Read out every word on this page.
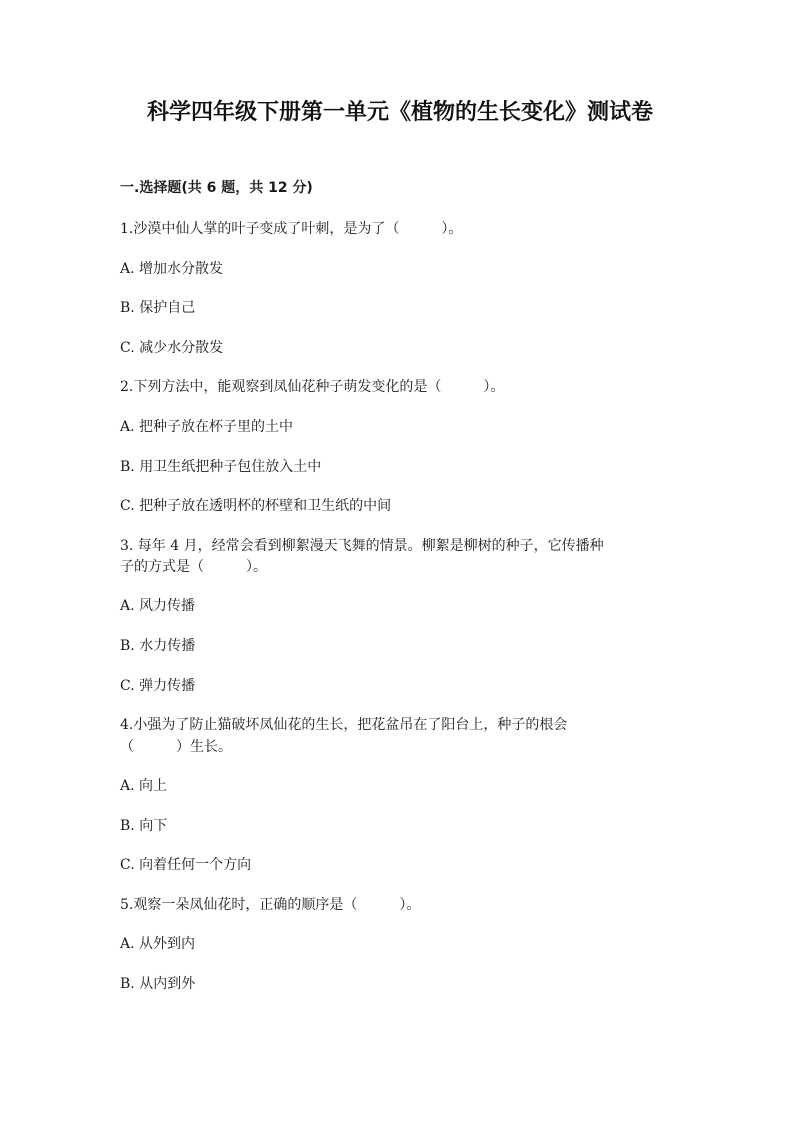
科学四年级下册第一单元《植物的生长变化》测试卷
一.选择题(共 6 题，共 12 分)
1.沙漠中仙人掌的叶子变成了叶刺，是为了（　　　）。
A. 增加水分散发
B. 保护自己
C. 减少水分散发
2.下列方法中，能观察到凤仙花种子萌发变化的是（　　　）。
A. 把种子放在杯子里的土中
B. 用卫生纸把种子包住放入土中
C. 把种子放在透明杯的杯壁和卫生纸的中间
3. 每年 4 月，经常会看到柳絮漫天飞舞的情景。柳絮是柳树的种子，它传播种
子的方式是（　　　）。
A. 风力传播
B. 水力传播
C. 弹力传播
4.小强为了防止猫破坏凤仙花的生长，把花盆吊在了阳台上，种子的根会
（　　　）生长。
A. 向上
B. 向下
C. 向着任何一个方向
5.观察一朵凤仙花时，正确的顺序是（　　　）。
A. 从外到内
B. 从内到外
